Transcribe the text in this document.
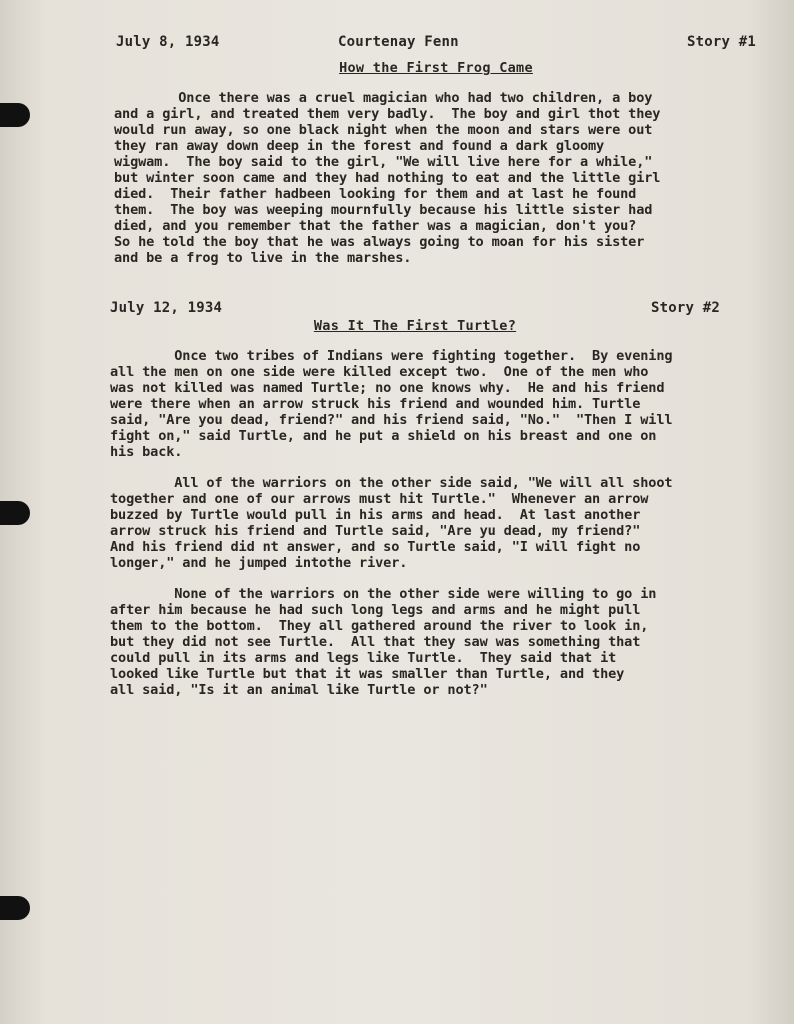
July 8, 1934	Courtenay Fenn	Story #1
How the First Frog Came
Once there was a cruel magician who had two children, a boy
and a girl, and treated them very badly.  The boy and girl thot they
would run away, so one black night when the moon and stars were out
they ran away down deep in the forest and found a dark gloomy
wigwam.  The boy said to the girl, "We will live here for a while,"
but winter soon came and they had nothing to eat and the little girl
died.  Their father hadbeen looking for them and at last he found
them.  The boy was weeping mournfully because his little sister had
died, and you remember that the father was a magician, don't you?
So he told the boy that he was always going to moan for his sister
and be a frog to live in the marshes.
July 12, 1934	Story #2
Was It The First Turtle?
Once two tribes of Indians were fighting together.  By evening
all the men on one side were killed except two.  One of the men who
was not killed was named Turtle; no one knows why.  He and his friend
were there when an arrow struck his friend and wounded him. Turtle
said, "Are you dead, friend?" and his friend said, "No."  "Then I will
fight on," said Turtle, and he put a shield on his breast and one on
his back.
All of the warriors on the other side said, "We will all shoot
together and one of our arrows must hit Turtle."  Whenever an arrow
buzzed by Turtle would pull in his arms and head.  At last another
arrow struck his friend and Turtle said, "Are yu dead, my friend?"
And his friend did nt answer, and so Turtle said, "I will fight no
longer," and he jumped intothe river.
None of the warriors on the other side were willing to go in
after him because he had such long legs and arms and he might pull
them to the bottom.  They all gathered around the river to look in,
but they did not see Turtle.  All that they saw was something that
could pull in its arms and legs like Turtle.  They said that it
looked like Turtle but that it was smaller than Turtle, and they
all said, "Is it an animal like Turtle or not?"
